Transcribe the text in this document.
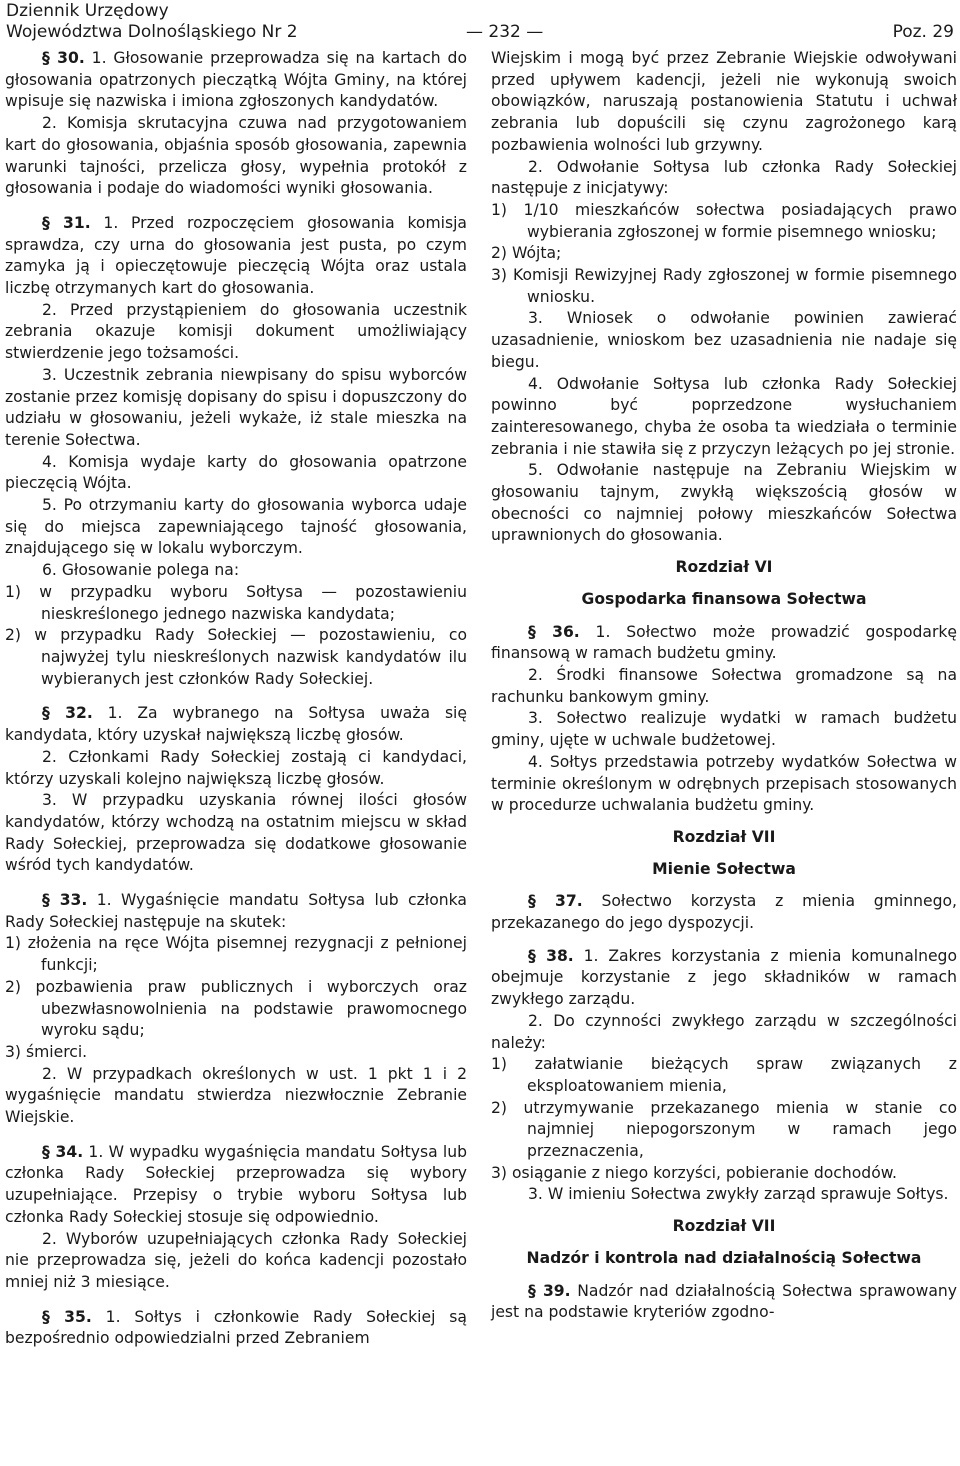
Dziennik Urzędowy
Województwa Dolnośląskiego Nr 2	— 232 —	Poz. 29

§ 30. 1. Głosowanie przeprowadza się na kartach do głosowania opatrzonych pieczątką Wójta Gminy, na której wpisuje się nazwiska i imiona zgłoszonych kandydatów.

2. Komisja skrutacyjna czuwa nad przygotowaniem kart do głosowania, objaśnia sposób głosowania, zapewnia warunki tajności, przelicza głosy, wypełnia protokół z głosowania i podaje do wiadomości wyniki głosowania.

§ 31. 1. Przed rozpoczęciem głosowania komisja sprawdza, czy urna do głosowania jest pusta, po czym zamyka ją i opieczętowuje pieczęcią Wójta oraz ustala liczbę otrzymanych kart do głosowania.

2. Przed przystąpieniem do głosowania uczestnik zebrania okazuje komisji dokument umożliwiający stwierdzenie jego tożsamości.

3. Uczestnik zebrania niewpisany do spisu wyborców zostanie przez komisję dopisany do spisu i dopuszczony do udziału w głosowaniu, jeżeli wykaże, iż stale mieszka na terenie Sołectwa.

4. Komisja wydaje karty do głosowania opatrzone pieczęcią Wójta.

5. Po otrzymaniu karty do głosowania wyborca udaje się do miejsca zapewniającego tajność głosowania, znajdującego się w lokalu wyborczym.

6. Głosowanie polega na:

1) w przypadku wyboru Sołtysa — pozostawieniu nieskreślonego jednego nazwiska kandydata;

2) w przypadku Rady Sołeckiej — pozostawieniu, co najwyżej tylu nieskreślonych nazwisk kandydatów ilu wybieranych jest członków Rady Sołeckiej.

§ 32. 1. Za wybranego na Sołtysa uważa się kandydata, który uzyskał największą liczbę głosów.

2. Członkami Rady Sołeckiej zostają ci kandydaci, którzy uzyskali kolejno największą liczbę głosów.

3. W przypadku uzyskania równej ilości głosów kandydatów, którzy wchodzą na ostatnim miejscu w skład Rady Sołeckiej, przeprowadza się dodatkowe głosowanie wśród tych kandydatów.

§ 33. 1. Wygaśnięcie mandatu Sołtysa lub członka Rady Sołeckiej następuje na skutek:

1) złożenia na ręce Wójta pisemnej rezygnacji z pełnionej funkcji;

2) pozbawienia praw publicznych i wyborczych oraz ubezwłasnowolnienia na podstawie prawomocnego wyroku sądu;

3) śmierci.

2. W przypadkach określonych w ust. 1 pkt 1 i 2 wygaśnięcie mandatu stwierdza niezwłocznie Zebranie Wiejskie.

§ 34. 1. W wypadku wygaśnięcia mandatu Sołtysa lub członka Rady Sołeckiej przeprowadza się wybory uzupełniające. Przepisy o trybie wyboru Sołtysa lub członka Rady Sołeckiej stosuje się odpowiednio.

2. Wyborów uzupełniających członka Rady Sołeckiej nie przeprowadza się, jeżeli do końca kadencji pozostało mniej niż 3 miesiące.

§ 35. 1. Sołtys i członkowie Rady Sołeckiej są bezpośrednio odpowiedzialni przed Zebraniem

Wiejskim i mogą być przez Zebranie Wiejskie odwoływani przed upływem kadencji, jeżeli nie wykonują swoich obowiązków, naruszają postanowienia Statutu i uchwał zebrania lub dopuścili się czynu zagrożonego karą pozbawienia wolności lub grzywny.

2. Odwołanie Sołtysa lub członka Rady Sołeckiej następuje z inicjatywy:

1) 1/10 mieszkańców sołectwa posiadających prawo wybierania zgłoszonej w formie pisemnego wniosku;

2) Wójta;

3) Komisji Rewizyjnej Rady zgłoszonej w formie pisemnego wniosku.

3. Wniosek o odwołanie powinien zawierać uzasadnienie, wnioskom bez uzasadnienia nie nadaje się biegu.

4. Odwołanie Sołtysa lub członka Rady Sołeckiej powinno być poprzedzone wysłuchaniem zainteresowanego, chyba że osoba ta wiedziała o terminie zebrania i nie stawiła się z przyczyn leżących po jej stronie.

5. Odwołanie następuje na Zebraniu Wiejskim w głosowaniu tajnym, zwykłą większością głosów w obecności co najmniej połowy mieszkańców Sołectwa uprawnionych do głosowania.

Rozdział VI

Gospodarka finansowa Sołectwa

§ 36. 1. Sołectwo może prowadzić gospodarkę finansową w ramach budżetu gminy.

2. Środki finansowe Sołectwa gromadzone są na rachunku bankowym gminy.

3. Sołectwo realizuje wydatki w ramach budżetu gminy, ujęte w uchwale budżetowej.

4. Sołtys przedstawia potrzeby wydatków Sołectwa w terminie określonym w odrębnych przepisach stosowanych w procedurze uchwalania budżetu gminy.

Rozdział VII

Mienie Sołectwa

§ 37. Sołectwo korzysta z mienia gminnego, przekazanego do jego dyspozycji.

§ 38. 1. Zakres korzystania z mienia komunalnego obejmuje korzystanie z jego składników w ramach zwykłego zarządu.

2. Do czynności zwykłego zarządu w szczególności należy:

1) załatwianie bieżących spraw związanych z eksploatowaniem mienia,

2) utrzymywanie przekazanego mienia w stanie co najmniej niepogorszonym w ramach jego przeznaczenia,

3) osiąganie z niego korzyści, pobieranie dochodów.

3. W imieniu Sołectwa zwykły zarząd sprawuje Sołtys.

Rozdział VII

Nadzór i kontrola nad działalnością Sołectwa

§ 39. Nadzór nad działalnością Sołectwa sprawowany jest na podstawie kryteriów zgodno-
